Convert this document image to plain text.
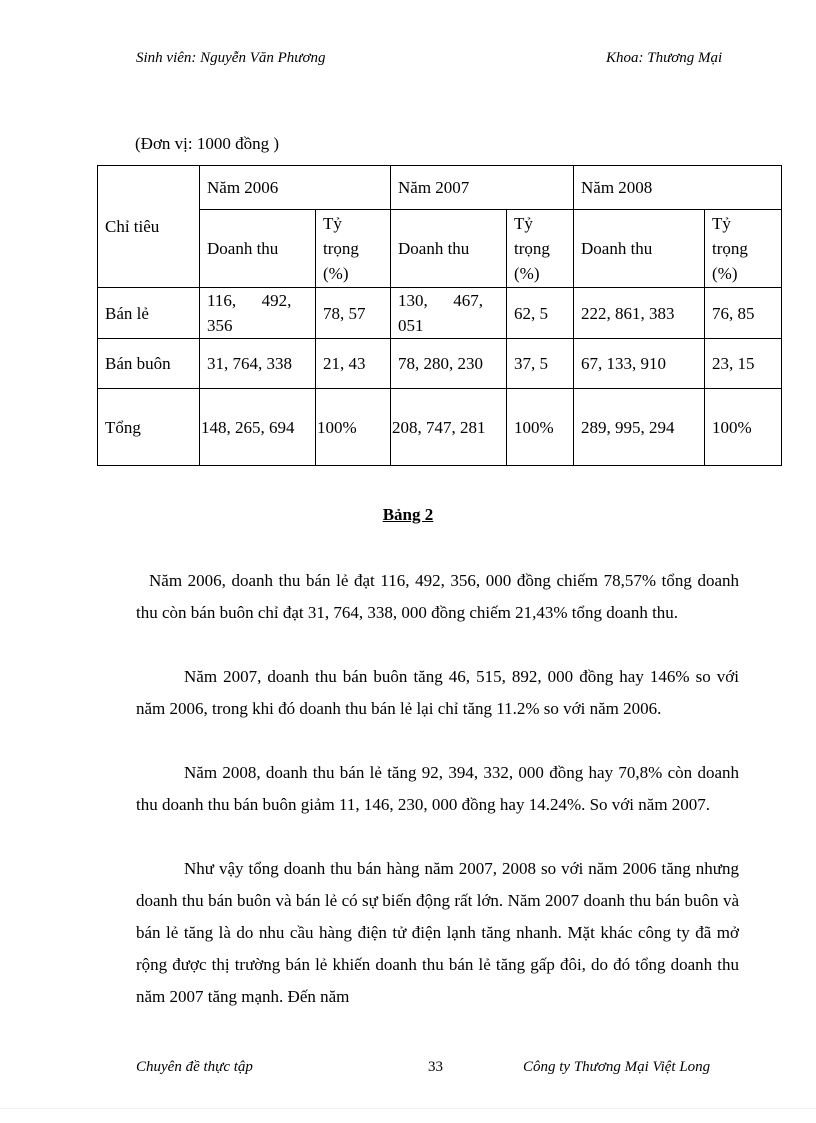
Sinh viên: Nguyễn Văn Phương	Khoa: Thương Mại
(Đơn vị: 1000 đồng )
Chỉ tiêu	Năm 2006		Năm 2007		Năm 2008	
	Doanh thu	Tỷ
trọng
(%)	Doanh thu	Tỷ
trọng
(%)	Doanh thu	Tỷ
trọng
(%)

Bán lẻ	116,      492, 356	78, 57	130,      467, 051	62, 5	222, 861, 383	76, 85
Bán buôn	31, 764, 338	21, 43	78, 280, 230	37, 5	67, 133, 910	23, 15
Tổng	148, 265, 694	100%	208, 747, 281	100%	289, 995, 294	100%
Bảng 2

Năm 2006, doanh thu bán lẻ đạt 116, 492, 356, 000 đồng chiếm 78,57% tổng doanh thu còn bán buôn chỉ đạt 31, 764, 338, 000 đồng chiếm 21,43% tổng doanh thu.

Năm 2007, doanh thu bán buôn tăng 46, 515, 892, 000 đồng hay 146% so với năm 2006, trong khi đó doanh thu bán lẻ lại chỉ tăng 11.2% so với năm 2006.

Năm 2008, doanh thu bán lẻ tăng 92, 394, 332, 000 đồng hay 70,8% còn doanh thu doanh thu bán buôn giảm 11, 146, 230, 000 đồng hay 14.24%. So với năm 2007.

Như vậy tổng doanh thu bán hàng năm 2007, 2008 so với năm 2006 tăng nhưng doanh thu bán buôn và bán lẻ có sự biến động rất lớn. Năm 2007 doanh thu bán buôn và bán lẻ tăng là do nhu cầu hàng điện tử điện lạnh tăng nhanh. Mặt khác công ty đã mở rộng được thị trường bán lẻ khiến doanh thu bán lẻ tăng gấp đôi, do đó tổng doanh thu năm 2007 tăng mạnh. Đến năm

Chuyên đề thực tập	33	Công ty Thương Mại Việt Long
